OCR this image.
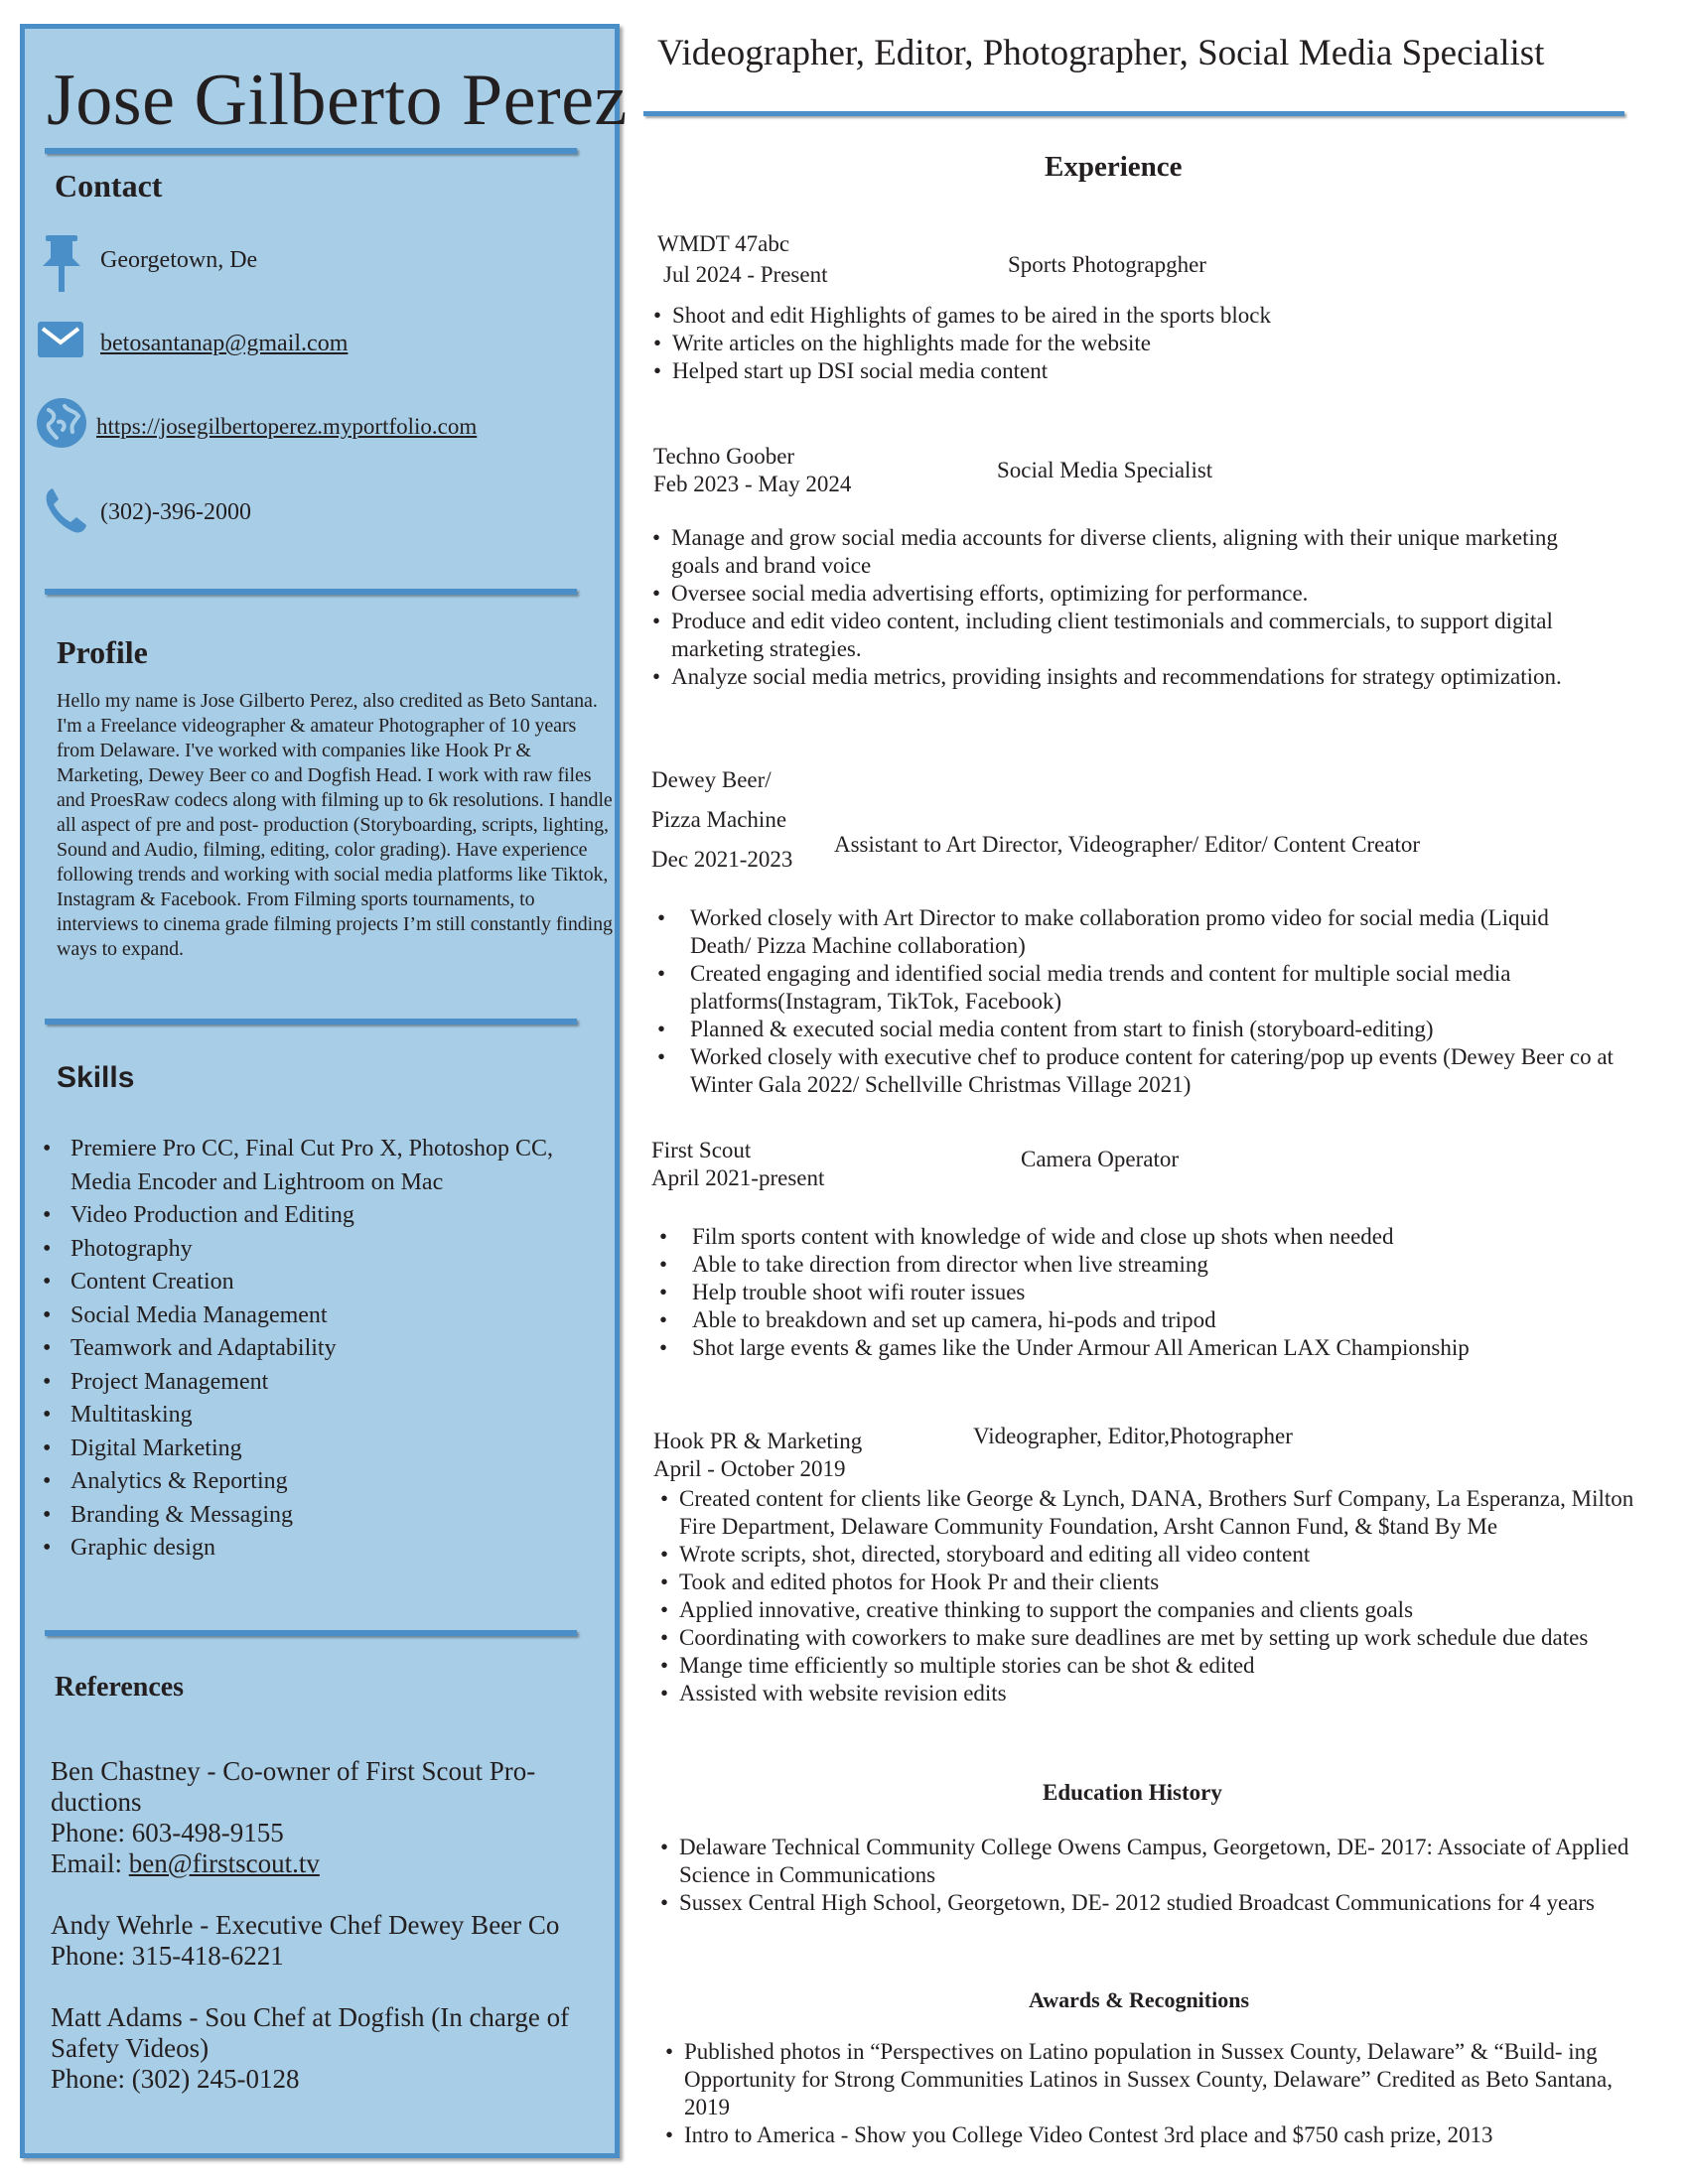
Jose Gilberto Perez
Contact
Georgetown, De
betosantanap@gmail.com
https://josegilbertoperez.myportfolio.com
(302)-396-2000
Profile

Hello my name is Jose Gilberto Perez, also credited as Beto Santana. I'm a Freelance videographer & amateur Photographer of 10 years from Delaware. I've worked with companies like Hook Pr & Marketing, Dewey Beer co and Dogfish Head. I work with raw files and ProesRaw codecs along with filming up to 6k resolutions. I handle all aspect of pre and post- production (Storyboarding, scripts, lighting, Sound and Audio, filming, editing, color grading). Have experience following trends and working with social media platforms like Tiktok, Instagram & Facebook. From Filming sports tournaments, to interviews to cinema grade filming projects I’m still constantly finding ways to expand.

Skills
• Premiere Pro CC, Final Cut Pro X, Photoshop CC, Media Encoder and Lightroom on Mac
• Video Production and Editing
• Photography
• Content Creation
• Social Media Management
• Teamwork and Adaptability
• Project Management
• Multitasking
• Digital Marketing
• Analytics & Reporting
• Branding & Messaging
• Graphic design
References
Ben Chastney - Co-owner of First Scout Pro- ductions
Phone: 603-498-9155
Email: ben@firstscout.tv
Andy Wehrle - Executive Chef Dewey Beer Co
Phone: 315-418-6221
Matt Adams - Sou Chef at Dogfish (In charge of Safety Videos)
Phone: (302) 245-0128
Videographer, Editor, Photographer, Social Media Specialist
Experience
WMDT 47abc
Jul 2024 - Present	Sports Photograpgher
• Shoot and edit Highlights of games to be aired in the sports block
• Write articles on the highlights made for the website
• Helped start up DSI social media content
Techno Goober
Feb 2023 - May 2024
Social Media Specialist
• Manage and grow social media accounts for diverse clients, aligning with their unique marketing goals and brand voice
• Oversee social media advertising efforts, optimizing for performance.
• Produce and edit video content, including client testimonials and commercials, to support digital marketing strategies.
• Analyze social media metrics, providing insights and recommendations for strategy optimization.
Dewey Beer/
Pizza Machine
Dec 2021-2023
Assistant to Art Director, Videographer/ Editor/ Content Creator
• Worked closely with Art Director to make collaboration promo video for social media (Liquid Death/ Pizza Machine collaboration)
• Created engaging and identified social media trends and content for multiple social media platforms(Instagram, TikTok, Facebook)
• Planned & executed social media content from start to finish (storyboard-editing)
• Worked closely with executive chef to produce content for catering/pop up events (Dewey Beer co at Winter Gala 2022/ Schellville Christmas Village 2021)
First Scout
April 2021-present
Camera Operator
• Film sports content with knowledge of wide and close up shots when needed
• Able to take direction from director when live streaming
• Help trouble shoot wifi router issues
• Able to breakdown and set up camera, hi-pods and tripod
• Shot large events & games like the Under Armour All American LAX Championship
Hook PR & Marketing
April - October 2019
Videographer, Editor,Photographer
• Created content for clients like George & Lynch, DANA, Brothers Surf Company, La Esperanza, Milton Fire Department, Delaware Community Foundation, Arsht Cannon Fund, & $tand By Me
• Wrote scripts, shot, directed, storyboard and editing all video content
• Took and edited photos for Hook Pr and their clients
• Applied innovative, creative thinking to support the companies and clients goals
• Coordinating with coworkers to make sure deadlines are met by setting up work schedule due dates
• Mange time efficiently so multiple stories can be shot & edited
• Assisted with website revision edits
Education History
• Delaware Technical Community College Owens Campus, Georgetown, DE- 2017: Associate of Applied Science in Communications
• Sussex Central High School, Georgetown, DE- 2012 studied Broadcast Communications for 4 years
Awards & Recognitions
• Published photos in “Perspectives on Latino population in Sussex County, Delaware” & “Build- ing Opportunity for Strong Communities Latinos in Sussex County, Delaware” Credited as Beto Santana, 2019
• Intro to America - Show you College Video Contest 3rd place and $750 cash prize, 2013
